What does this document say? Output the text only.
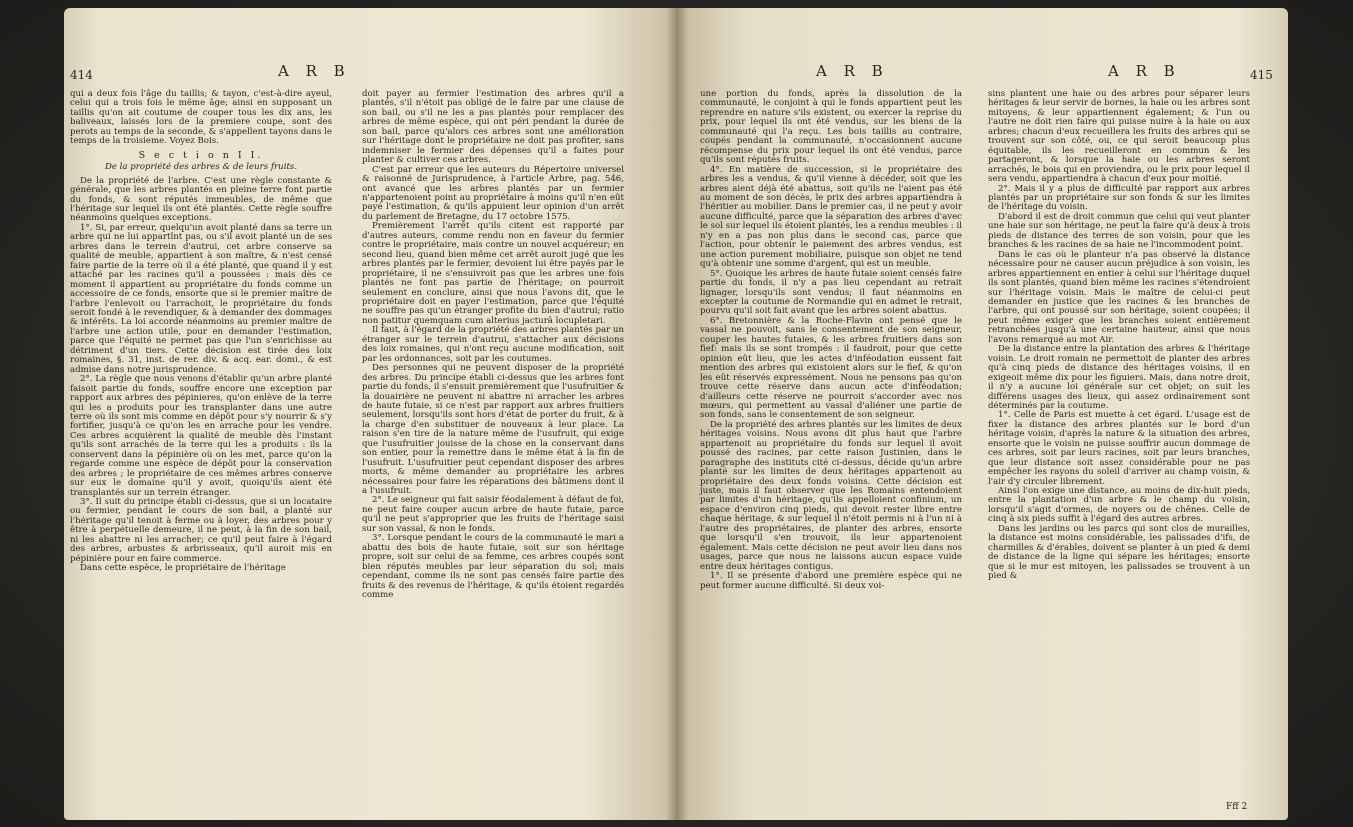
414	A R B

qui a deux fois l'âge du taillis; & tayon, c'est-à-dire ayeul, celui qui a trois fois le même âge; ainsi en supposant un taillis qu'on ait coutume de couper tous les dix ans, les baliveaux, laissés lors de la premiere coupe, sont des perots au temps de la seconde, & s'appellent tayons dans le temps de la troisieme. Voyez Bois.

S e c t i o n I I.

De la propriété des arbres & de leurs fruits.

De la propriété de l'arbre. C'est une règle constante & générale, que les arbres plantés en pleine terre font partie du fonds, & sont réputés immeubles, de même que l'héritage sur lequel ils ont été plantés. Cette règle souffre néanmoins quelques exceptions.

1°. Si, par erreur, quelqu'un avoit planté dans sa terre un arbre qui ne lui appartînt pas, ou s'il avoit planté un de ses arbres dans le terrein d'autrui, cet arbre conserve sa qualité de meuble, appartient à son maître, & n'est censé faire partie de la terre où il a été planté, que quand il y est attaché par les racines qu'il a poussées : mais dès ce moment il appartient au propriétaire du fonds comme un accessoire de ce fonds, ensorte que si le premier maître de l'arbre l'enlevoit ou l'arrachoit, le propriétaire du fonds seroit fondé à le revendiquer, & à demander des dommages & intérêts. La loi accorde néanmoins au premier maître de l'arbre une action utile, pour en demander l'estimation, parce que l'équité ne permet pas que l'un s'enrichisse au détriment d'un tiers. Cette décision est tirée des loix romaines, §. 31, inst. de rer. div. & acq. ear. domi., & est admise dans notre jurisprudence.

2°. La règle que nous venons d'établir qu'un arbre planté faisoit partie du fonds, souffre encore une exception par rapport aux arbres des pépinieres, qu'on enlève de la terre qui les a produits pour les transplanter dans une autre terre où ils sont mis comme en dépôt pour s'y nourrir & s'y fortifier, jusqu'à ce qu'on les en arrache pour les vendre. Ces arbres acquièrent la qualité de meuble dès l'instant qu'ils sont arrachés de la terre qui les a produits : ils la conservent dans la pépinière où on les met, parce qu'on la regarde comme une espèce de dépôt pour la conservation des arbres ; le propriétaire de ces mêmes arbres conserve sur eux le domaine qu'il y avoit, quoiqu'ils aient été transplantés sur un terrein étranger.

3°. Il suit du principe établi ci-dessus, que si un locataire ou fermier, pendant le cours de son bail, a planté sur l'héritage qu'il tenoit à ferme ou à loyer, des arbres pour y être à perpétuelle demeure, il ne peut, à la fin de son bail, ni les abattre ni les arracher; ce qu'il peut faire à l'égard des arbres, arbustes & arbrisseaux, qu'il auroit mis en pépinière pour en faire commerce.

Dans cette espèce, le propriétaire de l'héritage

doit payer au fermier l'estimation des arbres qu'il a plantés, s'il n'étoit pas obligé de le faire par une clause de son bail, ou s'il ne les a pas plantés pour remplacer des arbres de même espèce, qui ont péri pendant la durée de son bail, parce qu'alors ces arbres sont une amélioration sur l'héritage dont le propriétaire ne doit pas profiter, sans indemniser le fermier des dépenses qu'il a faites pour planter & cultiver ces arbres.

C'est par erreur que les auteurs du Répertoire universel & raisonné de Jurisprudence, à l'article Arbre, pag. 546, ont avancé que les arbres plantés par un fermier n'appartenoient point au propriétaire à moins qu'il n'en eût payé l'estimation, & qu'ils appuient leur opinion d'un arrêt du parlement de Bretagne, du 17 octobre 1575.

Premièrement l'arrêt qu'ils citent est rapporté par d'autres auteurs, comme rendu non en faveur du fermier contre le propriétaire, mais contre un nouvel acquéreur; en second lieu, quand bien même cet arrêt auroit jugé que les arbres plantés par le fermier, devoient lui être payés par le propriétaire, il ne s'ensuivroit pas que les arbres une fois plantés ne font pas partie de l'héritage; on pourroit seulement en conclure, ainsi que nous l'avons dit, que le propriétaire doit en payer l'estimation, parce que l'équité ne souffre pas qu'un étranger profite du bien d'autrui; ratio non patitur quemquam cum alterius jacturâ locupletari.

Il faut, à l'égard de la propriété des arbres plantés par un étranger sur le terrein d'autrui, s'attacher aux décisions des loix romaines, qui n'ont reçu aucune modification, soit par les ordonnances, soit par les coutumes.

Des personnes qui ne peuvent disposer de la propriété des arbres. Du principe établi ci-dessus que les arbres font partie du fonds, il s'ensuit premièrement que l'usufruitier & la douairière ne peuvent ni abattre ni arracher les arbres de haute futaie, si ce n'est par rapport aux arbres fruitiers seulement, lorsqu'ils sont hors d'état de porter du fruit, & à la charge d'en substituer de nouveaux à leur place. La raison s'en tire de la nature même de l'usufruit, qui exige que l'usufruitier jouisse de la chose en la conservant dans son entier, pour la remettre dans le même état à la fin de l'usufruit. L'usufruitier peut cependant disposer des arbres morts, & même demander au propriétaire les arbres nécessaires pour faire les réparations des bâtimens dont il a l'usufruit.

2°. Le seigneur qui fait saisir féodalement à défaut de foi, ne peut faire couper aucun arbre de haute futaie, parce qu'il ne peut s'approprier que les fruits de l'héritage saisi sur son vassal, & non le fonds.

3°. Lorsque pendant le cours de la communauté le mari a abattu des bois de haute futaie, soit sur son héritage propre, soit sur celui de sa femme, ces arbres coupés sont bien réputés meubles par leur séparation du sol; mais cependant, comme ils ne sont pas censés faire partie des fruits & des revenus de l'héritage, & qu'ils étoient regardés comme

A R B	A R B	415

une portion du fonds, après la dissolution de la communauté, le conjoint à qui le fonds appartient peut les reprendre en nature s'ils existent, ou exercer la reprise du prix, pour lequel ils ont été vendus, sur les biens de la communauté qui l'a reçu. Les bois taillis au contraire, coupés pendant la communauté, n'occasionnent aucune récompense du prix pour lequel ils ont été vendus, parce qu'ils sont réputés fruits.

4°. En matière de succession, si le propriétaire des arbres les a vendus, & qu'il vienne à décéder, soit que les arbres aient déjà été abattus, soit qu'ils ne l'aient pas été au moment de son décès, le prix des arbres appartiendra à l'héritier au mobilier. Dans le premier cas, il ne peut y avoir aucune difficulté, parce que la séparation des arbres d'avec le sol sur lequel ils étoient plantés, les a rendus meubles : il n'y en a pas non plus dans le second cas, parce que l'action, pour obtenir le paiement des arbres vendus, est une action purement mobiliaire, puisque son objet ne tend qu'à obtenir une somme d'argent, qui est un meuble.

5°. Quoique les arbres de haute futaie soient censés faire partie du fonds, il n'y a pas lieu cependant au retrait lignager, lorsqu'ils sont vendus; il faut néanmoins en excepter la coutume de Normandie qui en admet le retrait, pourvu qu'il soit fait avant que les arbres soient abattus.

6°. Bretonnière & la Roche-Flavin ont pensé que le vassal ne pouvoit, sans le consentement de son seigneur, couper les hautes futaies, & les arbres fruitiers dans son fief: mais ils se sont trompés : il faudroit, pour que cette opinion eût lieu, que les actes d'inféodation eussent fait mention des arbres qui existoient alors sur le fief, & qu'on les eût réservés expressément. Nous ne pensons pas qu'on trouve cette réserve dans aucun acte d'inféodation; d'ailleurs cette réserve ne pourroit s'accorder avec nos mœurs, qui permettent au vassal d'aliéner une partie de son fonds, sans le consentement de son seigneur.

De la propriété des arbres plantés sur les limites de deux héritages voisins. Nous avons dit plus haut que l'arbre appartenoit au propriétaire du fonds sur lequel il avoit poussé des racines, par cette raison Justinien, dans le paragraphe des instituts cité ci-dessus, décide qu'un arbre planté sur les limites de deux héritages appartenoit au propriétaire des deux fonds voisins. Cette décision est juste, mais il faut observer que les Romains entendoient par limites d'un héritage, qu'ils appelloient confinium, un espace d'environ cinq pieds, qui devoit rester libre entre chaque héritage, & sur lequel il n'étoit permis ni à l'un ni à l'autre des propriétaires, de planter des arbres, ensorte que lorsqu'il s'en trouvoit, ils leur appartenoient également. Mais cette décision ne peut avoir lieu dans nos usages, parce que nous ne laissons aucun espace vuide entre deux héritages contigus.

1°. Il se présente d'abord une première espèce qui ne peut former aucune difficulté. Si deux voi-

sins plantent une haie ou des arbres pour séparer leurs héritages & leur servir de bornes, la haie ou les arbres sont mitoyens, & leur appartiennent également; & l'un ou l'autre ne doit rien faire qui puisse nuire à la haie ou aux arbres; chacun d'eux recueillera les fruits des arbres qui se trouvent sur son côté, ou, ce qui seroit beaucoup plus équitable, ils les recueilleront en commun & les partageront, & lorsque la haie ou les arbres seront arrachés, le bois qui en proviendra, ou le prix pour lequel il sera vendu, appartiendra à chacun d'eux pour moitié.

2°. Mais il y a plus de difficulté par rapport aux arbres plantés par un propriétaire sur son fonds & sur les limites de l'héritage du voisin.

D'abord il est de droit commun que celui qui veut planter une haie sur son héritage, ne peut la faire qu'à deux à trois pieds de distance des terres de son voisin, pour que les branches & les racines de sa haie ne l'incommodent point.

Dans le cas où le planteur n'a pas observé la distance nécessaire pour ne causer aucun préjudice à son voisin, les arbres appartiennent en entier à celui sur l'héritage duquel ils sont plantés, quand bien même les racines s'étendroient sur l'héritage voisin. Mais le maître de celui-ci peut demander en justice que les racines & les branches de l'arbre, qui ont poussé sur son héritage, soient coupées; il peut même exiger que les branches soient entièrement retranchées jusqu'à une certaine hauteur, ainsi que nous l'avons remarqué au mot Air.

De la distance entre la plantation des arbres & l'héritage voisin. Le droit romain ne permettoit de planter des arbres qu'à cinq pieds de distance des héritages voisins, il en exigeoit même dix pour les figuiers. Mais, dans notre droit, il n'y a aucune loi générale sur cet objet; on suit les différens usages des lieux, qui assez ordinairement sont déterminés par la coutume.

1°. Celle de Paris est muette à cet égard. L'usage est de fixer la distance des arbres plantés sur le bord d'un héritage voisin, d'après la nature & la situation des arbres, ensorte que le voisin ne puisse souffrir aucun dommage de ces arbres, soit par leurs racines, soit par leurs branches, que leur distance soit assez considérable pour ne pas empêcher les rayons du soleil d'arriver au champ voisin, & l'air d'y circuler librement.

Ainsi l'on exige une distance, au moins de dix-huit pieds, entre la plantation d'un arbre & le champ du voisin, lorsqu'il s'agit d'ormes, de noyers ou de chênes. Celle de cinq à six pieds suffit à l'égard des autres arbres.

Dans les jardins ou les parcs qui sont clos de murailles, la distance est moins considérable, les palissades d'ifs, de charmilles & d'érables, doivent se planter à un pied & demi de distance de la ligne qui sépare les héritages; ensorte que si le mur est mitoyen, les palissades se trouvent à un pied &

Fff 2
